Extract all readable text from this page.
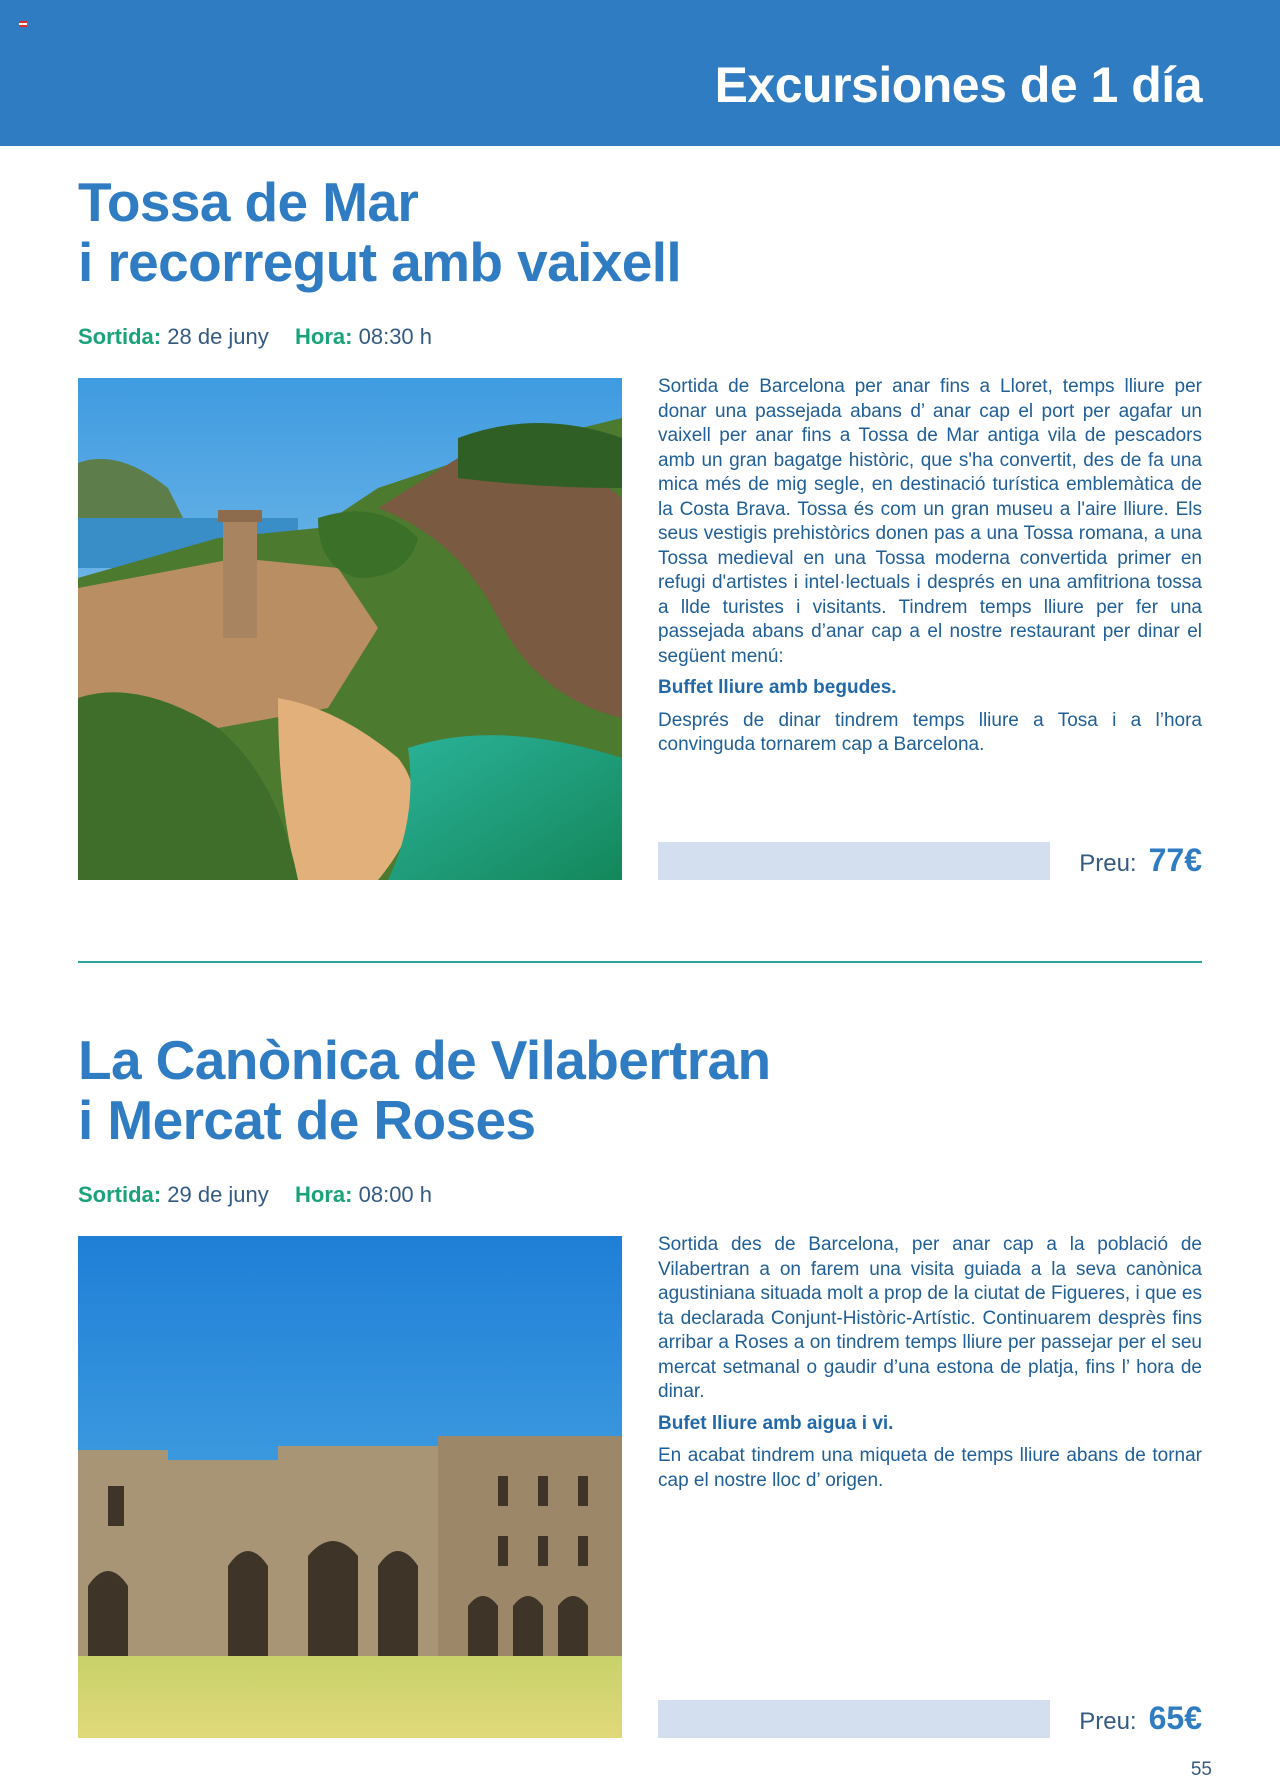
Excursiones de 1 día
Tossa de Mar
i recorregut amb vaixell
Sortida: 28 de juny Hora: 08:30 h

Sortida de Barcelona per anar fins a Lloret, temps lliure per donar una passejada abans d’ anar cap el port per agafar un vaixell per anar fins a Tossa de Mar antiga vila de pescadors amb un gran bagatge històric, que s'ha convertit, des de fa una mica més de mig segle, en destinació turística emblemàtica de la Costa Brava. Tossa és com un gran museu a l'aire lliure. Els seus vestigis prehistòrics donen pas a una Tossa romana, a una Tossa medieval en una Tossa moderna convertida primer en refugi d'artistes i intel·lectuals i després en una amfitriona tossa a llde turistes i visitants. Tindrem temps lliure per fer una passejada abans d’anar cap a el nostre restaurant per dinar el següent menú:

Buffet lliure amb begudes.

Després de dinar tindrem temps lliure a Tosa i a l’hora convinguda tornarem cap a Barcelona.

Preu: 77€
La Canònica de Vilabertran
i Mercat de Roses
Sortida: 29 de juny Hora: 08:00 h

Sortida des de Barcelona, per anar cap a la població de Vilabertran a on farem una visita guiada a la seva canònica agustiniana situada molt a prop de la ciutat de Figueres, i que es ta declarada Conjunt-Històric-Artístic. Continuarem desprès fins arribar a Roses a on tindrem temps lliure per passejar per el seu mercat setmanal o gaudir d’una estona de platja, fins l’ hora de dinar.

Bufet lliure amb aigua i vi.

En acabat tindrem una miqueta de temps lliure abans de tornar cap el nostre lloc d’ origen.

Preu: 65€
55
